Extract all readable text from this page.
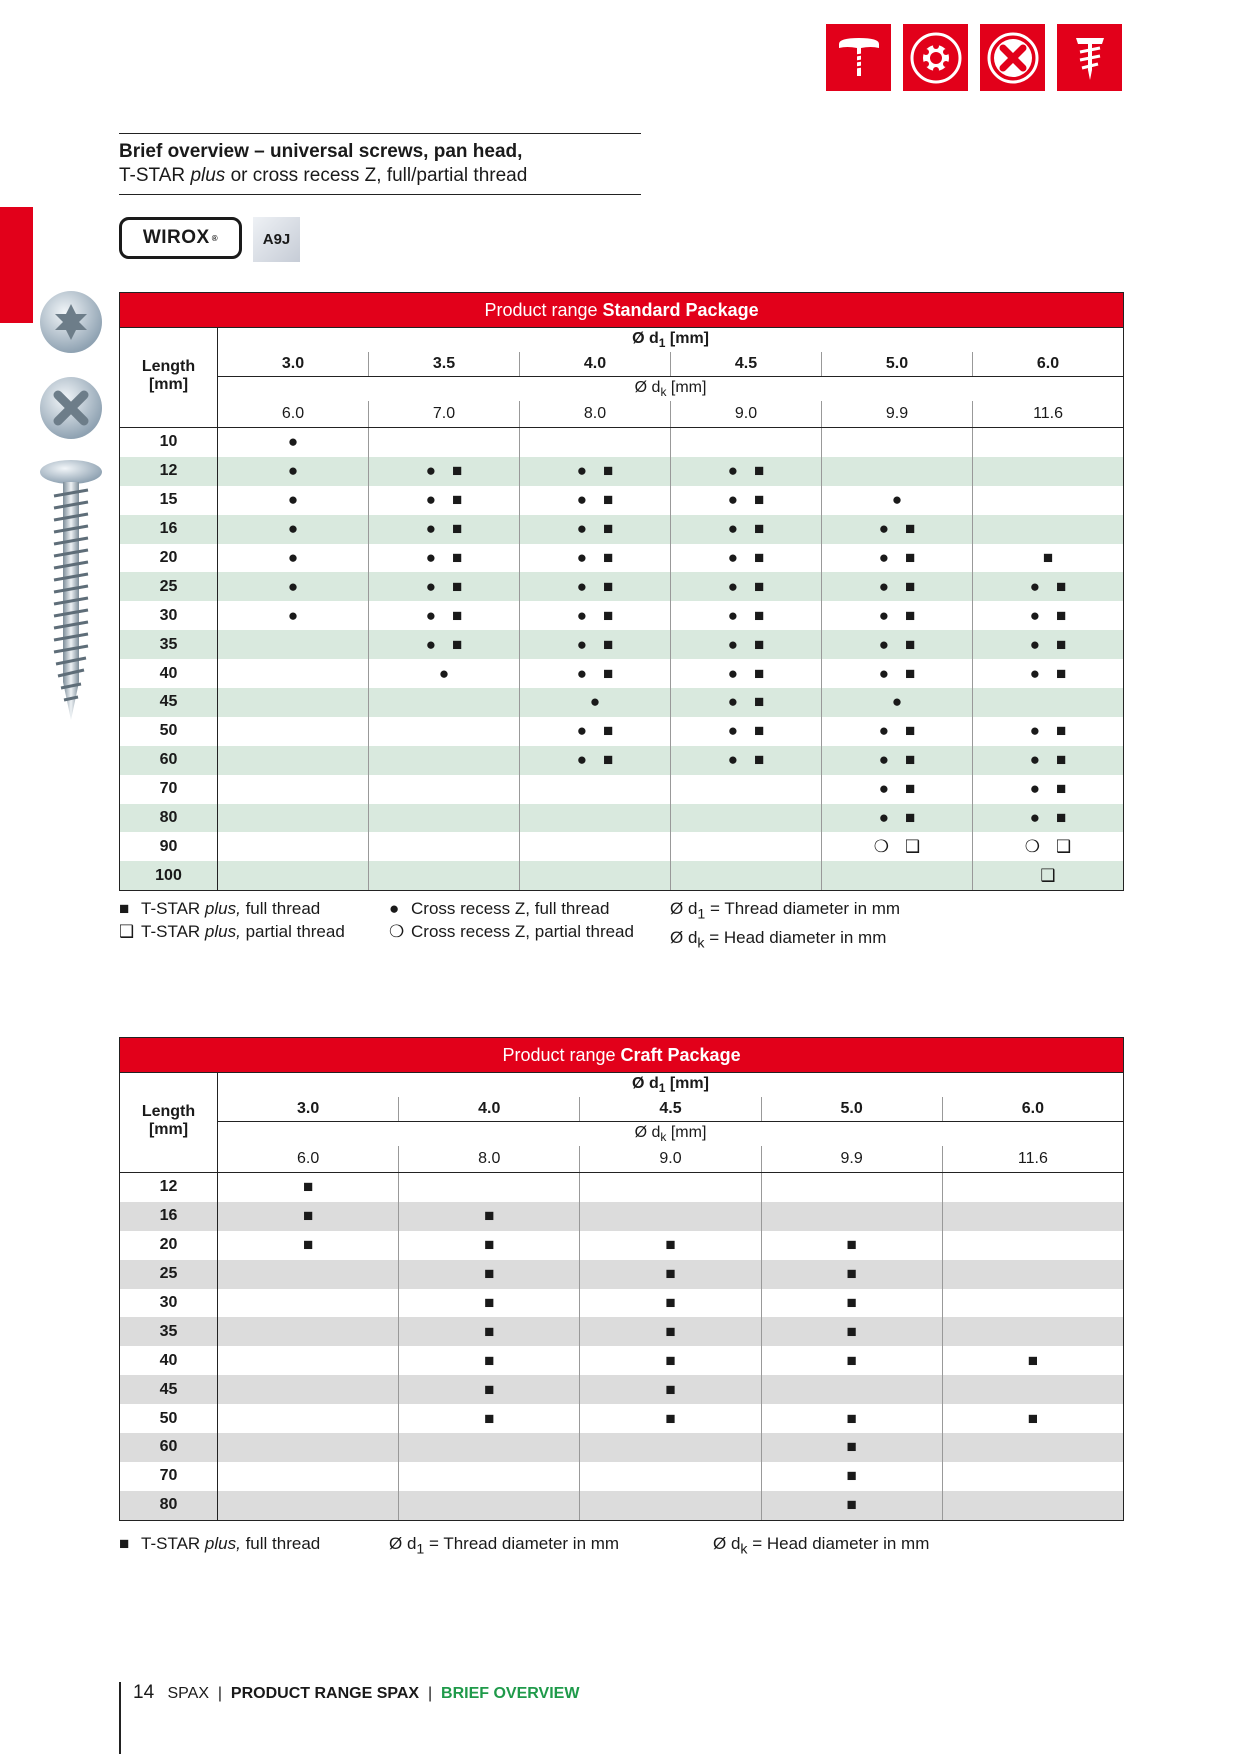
Brief overview – universal screws, pan head,
T-STAR plus or cross recess Z, full/partial thread
WIROX ®	A9J
Product range Standard Package						

Length
[mm]	Ø $d_1$ [mm]					
	3.0	3.5	4.0	4.5	5.0	6.0
	Ø $d_k$ [mm]					
	6.0	7.0	8.0	9.0	9.9	11.6
10	●					
12	●	●■	●■	●■		
15	●	●■	●■	●■	●	
16	●	●■	●■	●■	●■	
20	●	●■	●■	●■	●■	■
25	●	●■	●■	●■	●■	●■
30	●	●■	●■	●■	●■	●■
35		●■	●■	●■	●■	●■
40		●	●■	●■	●■	●■
45			●	●■	●	
50			●■	●■	●■	●■
60			●■	●■	●■	●■
70					●■	●■
80					●■	●■
90					❍❑	❍❑
100						❑
■ T-STAR plus, full thread
❑ T-STAR plus, partial thread
● Cross recess Z, full thread
❍ Cross recess Z, partial thread
Ø $d_1$ = Thread diameter in mm
Ø $d_k$ = Head diameter in mm
Product range Craft Package					

Length
[mm]	Ø $d_1$ [mm]				
	3.0	4.0	4.5	5.0	6.0
	Ø $d_k$ [mm]				
	6.0	8.0	9.0	9.9	11.6
12	■				
16	■	■			
20	■	■	■	■	
25		■	■	■	
30		■	■	■	
35		■	■	■	
40		■	■	■	■
45		■	■		
50		■	■	■	■
60				■	
70				■	
80				■	
■ T-STAR plus, full thread	Ø $d_1$ = Thread diameter in mm	Ø $d_k$ = Head diameter in mm
14 SPAX | PRODUCT RANGE SPAX | BRIEF OVERVIEW
